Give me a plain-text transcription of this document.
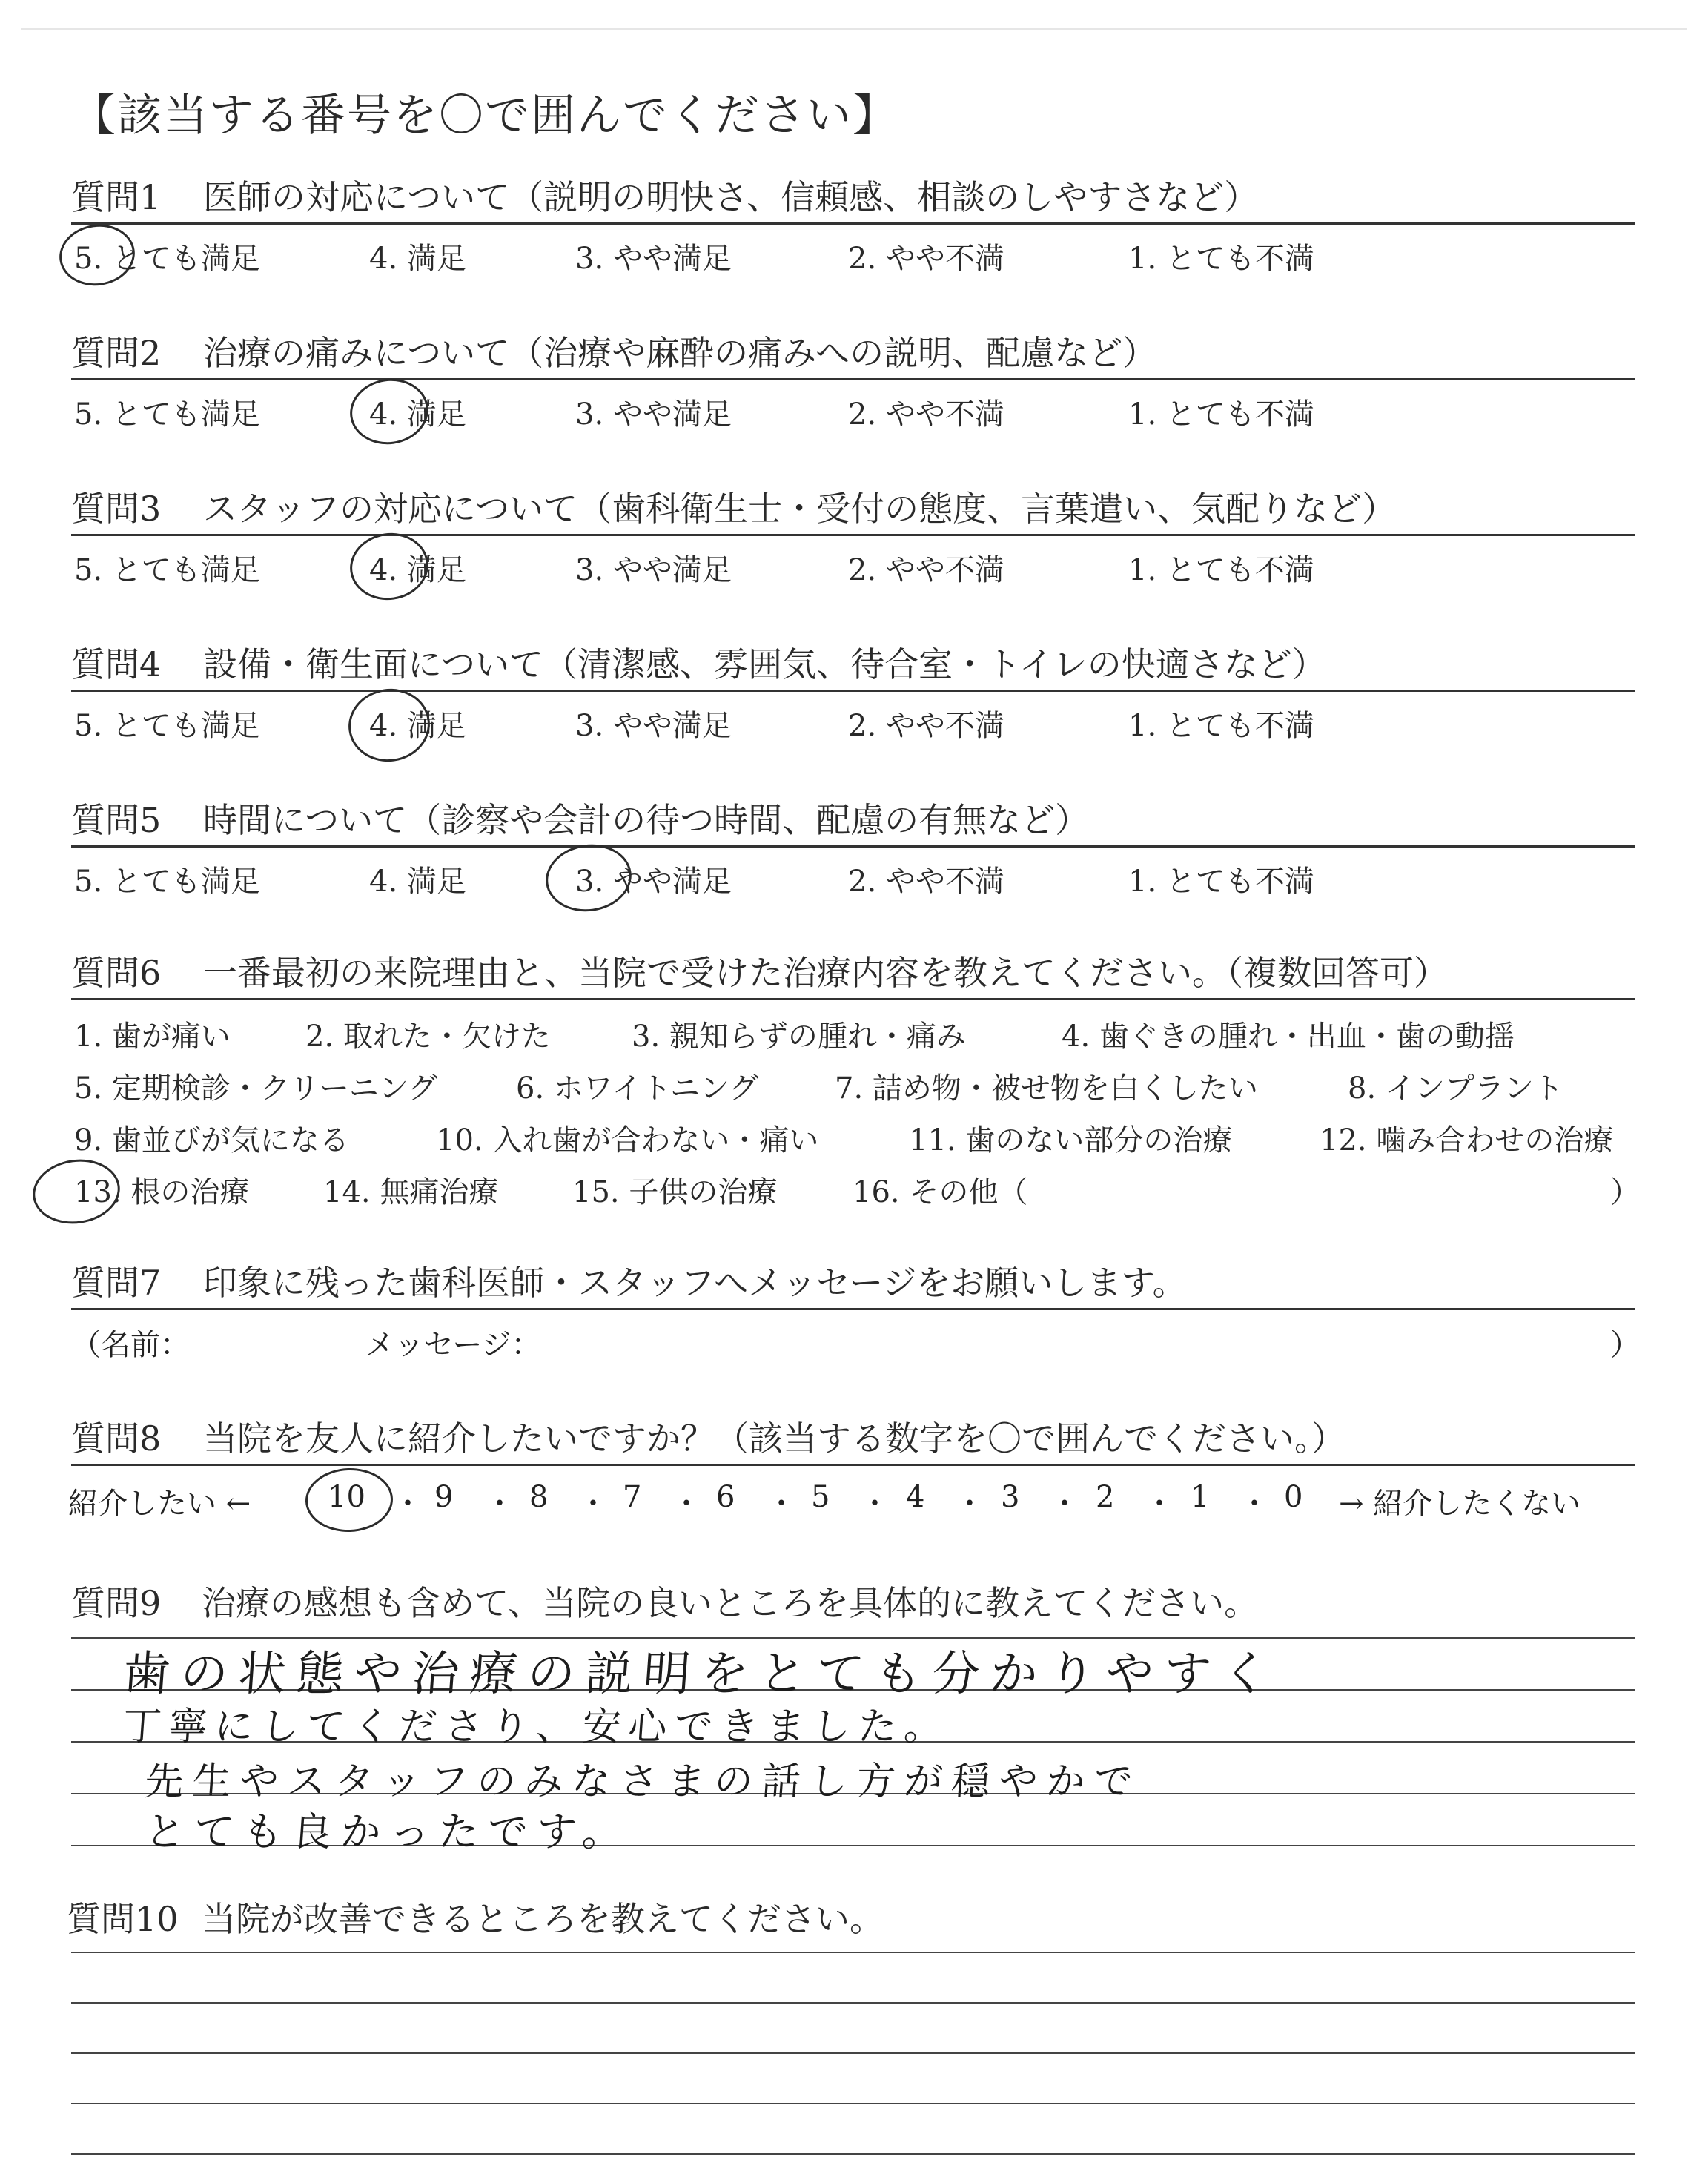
【該当する番号を〇で囲んでください】
質問1 医師の対応について（説明の明快さ、信頼感、相談のしやすさなど）
5. とても満足	4. 満足	3. やや満足	2. やや不満	1. とても不満
質問2 治療の痛みについて（治療や麻酔の痛みへの説明、配慮など）
5. とても満足	4. 満足	3. やや満足	2. やや不満	1. とても不満
質問3 スタッフの対応について（歯科衛生士・受付の態度、言葉遣い、気配りなど）
5. とても満足	4. 満足	3. やや満足	2. やや不満	1. とても不満
質問4 設備・衛生面について（清潔感、雰囲気、待合室・トイレの快適さなど）
5. とても満足	4. 満足	3. やや満足	2. やや不満	1. とても不満
質問5 時間について（診察や会計の待つ時間、配慮の有無など）
5. とても満足	4. 満足	3. やや満足	2. やや不満	1. とても不満
質問6 一番最初の来院理由と、当院で受けた治療内容を教えてください。（複数回答可）
1. 歯が痛い	2. 取れた・欠けた	3. 親知らずの腫れ・痛み	4. 歯ぐきの腫れ・出血・歯の動揺
5. 定期検診・クリーニング	6. ホワイトニング	7. 詰め物・被せ物を白くしたい	8. インプラント
9. 歯並びが気になる	10. 入れ歯が合わない・痛い	11. 歯のない部分の治療	12. 噛み合わせの治療
13. 根の治療 14. 無痛治療 15. 子供の治療	16. その他（	）
質問7 印象に残った歯科医師・スタッフへメッセージをお願いします。
（名前：	メッセージ：	）
質問8 当院を友人に紹介したいですか？（該当する数字を〇で囲んでください。）
紹介したい ←	10 ・ 9 ・ 8 ・ 7 ・ 6 ・ 5 ・ 4 ・ 3 ・ 2 ・ 1 ・ 0 → 紹介したくない
質問9 治療の感想も含めて、当院の良いところを具体的に教えてください。
歯の状態や治療の説明をとても分かりやすく
丁寧にしてくださり、安心できました。
先生やスタッフのみなさまの話し方が穏やかで
とても良かったです。
質問10 当院が改善できるところを教えてください。
